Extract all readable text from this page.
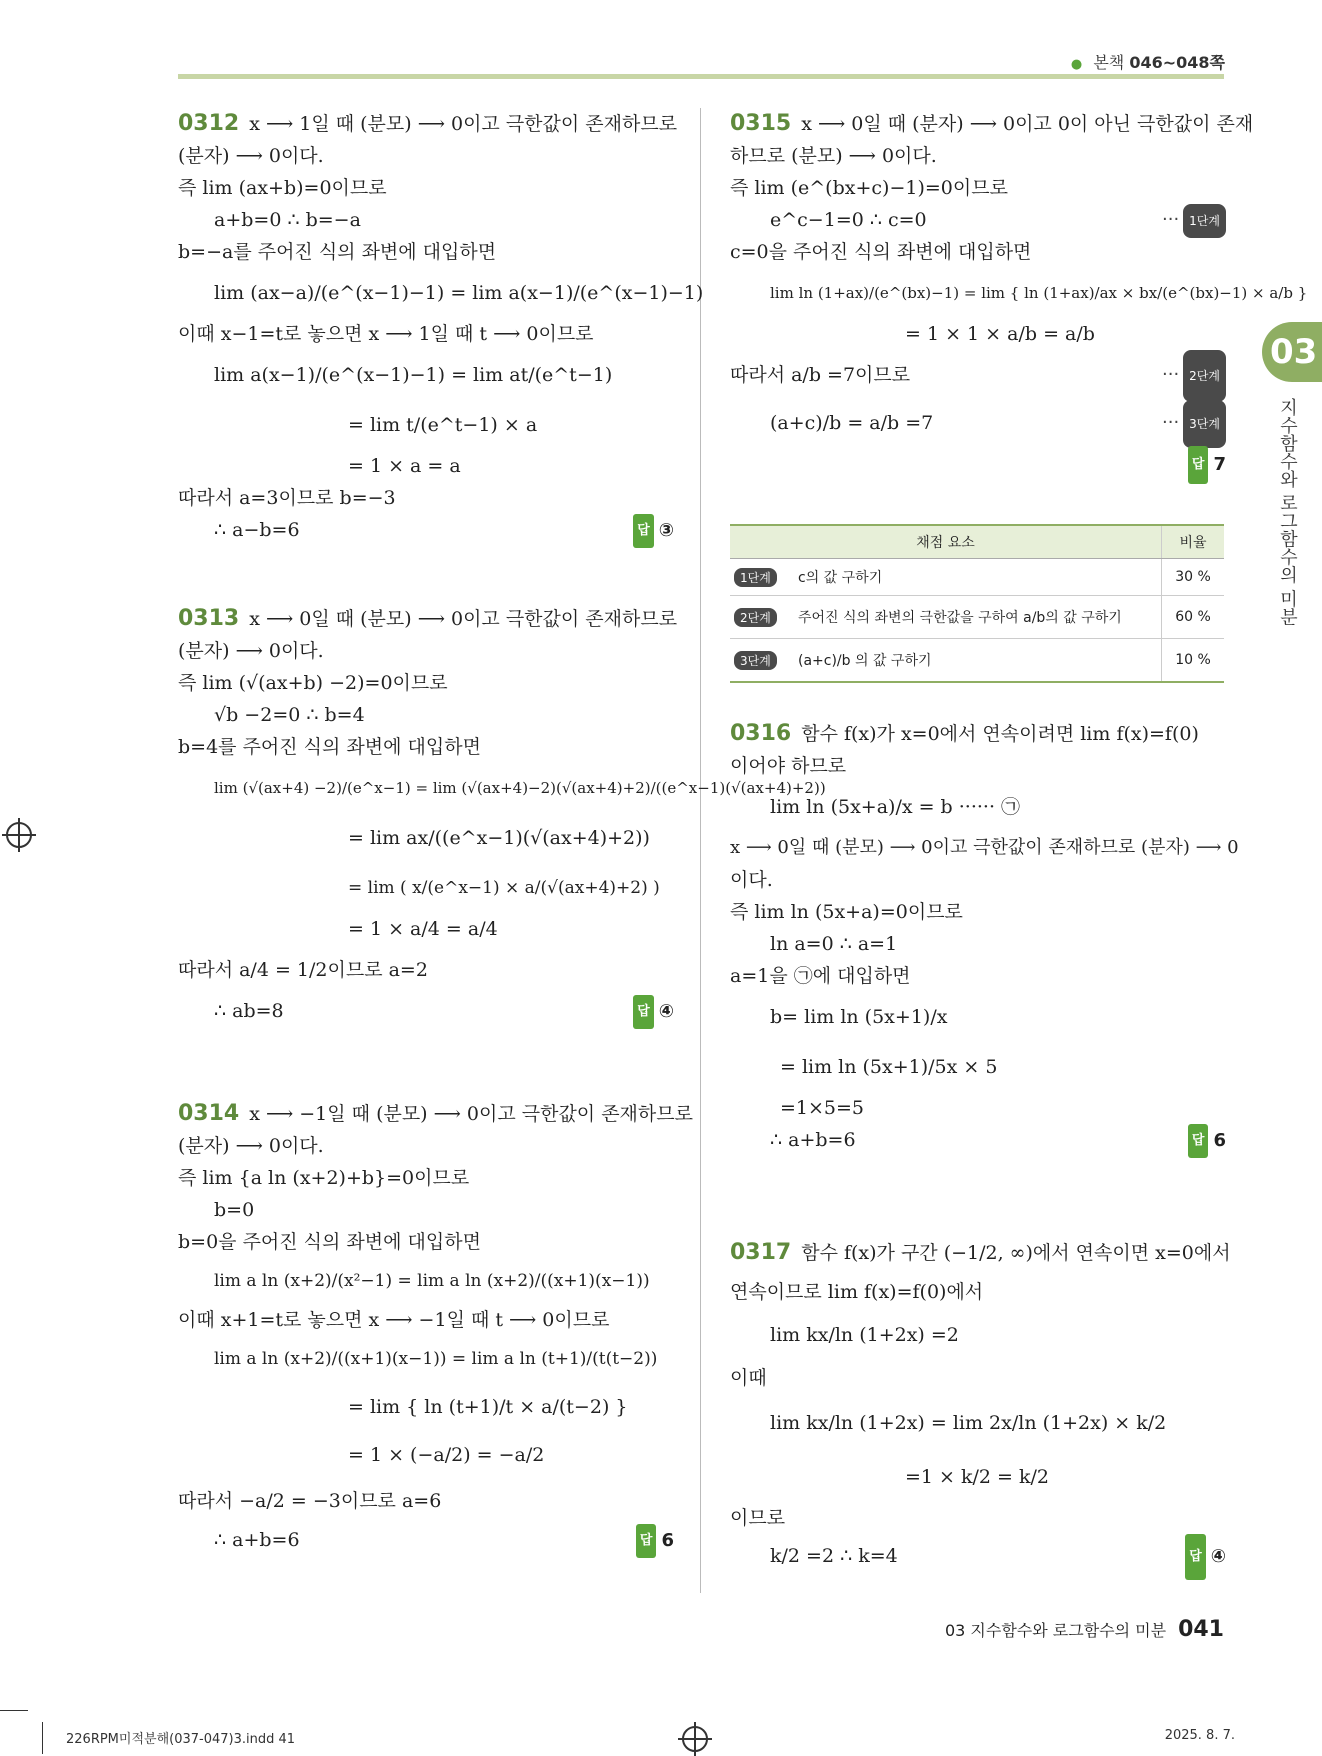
● 본책 046~048쪽
0312 x ⟶ 1일 때 (분모) ⟶ 0이고 극한값이 존재하므로
(분자) ⟶ 0이다.
즉 lim (ax+b)=0이므로
a+b=0 ∴ b=−a
b=−a를 주어진 식의 좌변에 대입하면
lim (ax−a)/(e^(x−1)−1) = lim a(x−1)/(e^(x−1)−1)
이때 x−1=t로 놓으면 x ⟶ 1일 때 t ⟶ 0이므로
lim a(x−1)/(e^(x−1)−1) = lim at/(e^t−1)
= lim t/(e^t−1) × a
= 1 × a = a
따라서 a=3이므로 b=−3
∴ a−b=6	답 ③
0313 x ⟶ 0일 때 (분모) ⟶ 0이고 극한값이 존재하므로
(분자) ⟶ 0이다.
즉 lim (√(ax+b) −2)=0이므로
√b −2=0 ∴ b=4
b=4를 주어진 식의 좌변에 대입하면
lim (√(ax+4) −2)/(e^x−1) = lim (√(ax+4)−2)(√(ax+4)+2)/((e^x−1)(√(ax+4)+2))
= lim ax/((e^x−1)(√(ax+4)+2))
= lim ( x/(e^x−1) × a/(√(ax+4)+2) )
= 1 × a/4 = a/4
따라서 a/4 = 1/2이므로 a=2
∴ ab=8	답 ④
0314 x ⟶ −1일 때 (분모) ⟶ 0이고 극한값이 존재하므로
(분자) ⟶ 0이다.
즉 lim {a ln (x+2)+b}=0이므로
b=0
b=0을 주어진 식의 좌변에 대입하면
lim a ln (x+2)/(x²−1) = lim a ln (x+2)/((x+1)(x−1))
이때 x+1=t로 놓으면 x ⟶ −1일 때 t ⟶ 0이므로
lim a ln (x+2)/((x+1)(x−1)) = lim a ln (t+1)/(t(t−2))
= lim { ln (t+1)/t × a/(t−2) }
= 1 × (−a/2) = −a/2
따라서 −a/2 = −3이므로 a=6
∴ a+b=6	답 6
0315 x ⟶ 0일 때 (분자) ⟶ 0이고 0이 아닌 극한값이 존재
하므로 (분모) ⟶ 0이다.
즉 lim (e^(bx+c)−1)=0이므로
e^c−1=0 ∴ c=0	··· 1단계
c=0을 주어진 식의 좌변에 대입하면
lim ln (1+ax)/(e^(bx)−1) = lim { ln (1+ax)/ax × bx/(e^(bx)−1) × a/b }
= 1 × 1 × a/b = a/b
따라서 a/b =7이므로	··· 2단계
(a+c)/b = a/b =7	··· 3단계
답 7
채점 요소		비율
1단계	c의 값 구하기	30 %
2단계	주어진 식의 좌변의 극한값을 구하여 a/b의 값 구하기	60 %
3단계	(a+c)/b 의 값 구하기	10 %
0316 함수 f(x)가 x=0에서 연속이려면 lim f(x)=f(0)
이어야 하므로
lim ln (5x+a)/x = b ······ ㉠
x ⟶ 0일 때 (분모) ⟶ 0이고 극한값이 존재하므로 (분자) ⟶ 0
이다.
즉 lim ln (5x+a)=0이므로
ln a=0 ∴ a=1
a=1을 ㉠에 대입하면
b= lim ln (5x+1)/x
= lim ln (5x+1)/5x × 5
=1×5=5
∴ a+b=6	답 6
0317 함수 f(x)가 구간 (−1/2, ∞)에서 연속이면 x=0에서
연속이므로 lim f(x)=f(0)에서
lim kx/ln (1+2x) =2
이때
lim kx/ln (1+2x) = lim 2x/ln (1+2x) × k/2
=1 × k/2 = k/2
이므로
k/2 =2 ∴ k=4	답 ④
03
지수함수와 로그함수의 미분
03 지수함수와 로그함수의 미분 041
226RPM미적분해(037-047)3.indd 41	2025. 8. 7.
